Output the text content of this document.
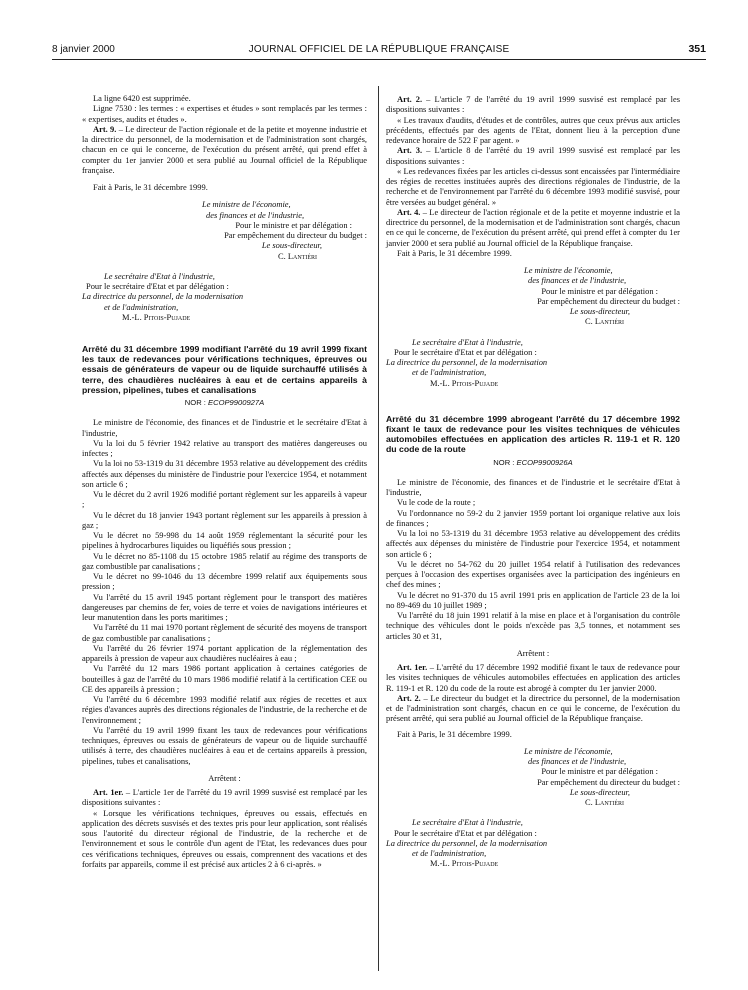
8 janvier 2000	JOURNAL OFFICIEL DE LA RÉPUBLIQUE FRANÇAISE	351

La ligne 6420 est supprimée.

Ligne 7530 : les termes : « expertises et études » sont remplacés par les termes : « expertises, audits et études ».

Art. 9. – Le directeur de l'action régionale et de la petite et moyenne industrie et la directrice du personnel, de la modernisation et de l'administration sont chargés, chacun en ce qui le concerne, de l'exécution du présent arrêté, qui prend effet à compter du 1er janvier 2000 et sera publié au Journal officiel de la République française.

Fait à Paris, le 31 décembre 1999.

Le ministre de l'économie,
des finances et de l'industrie,
Pour le ministre et par délégation :
Par empêchement du directeur du budget :
Le sous-directeur,
C. Lantiéri
Le secrétaire d'Etat à l'industrie,
Pour le secrétaire d'Etat et par délégation :
La directrice du personnel, de la modernisation
et de l'administration,
M.-L. Pitois-Pujade
Arrêté du 31 décembre 1999 modifiant l'arrêté du 19 avril 1999 fixant les taux de redevances pour vérifications techniques, épreuves ou essais de générateurs de vapeur ou de liquide surchauffé utilisés à terre, des chaudières nucléaires à eau et de certains appareils à pression, pipelines, tubes et canalisations
NOR : ECOP9900927A

Le ministre de l'économie, des finances et de l'industrie et le secrétaire d'Etat à l'industrie,

Vu la loi du 5 février 1942 relative au transport des matières dangereuses ou infectes ;

Vu la loi no 53-1319 du 31 décembre 1953 relative au développement des crédits affectés aux dépenses du ministère de l'industrie pour l'exercice 1954, et notamment son article 6 ;

Vu le décret du 2 avril 1926 modifié portant règlement sur les appareils à vapeur ;

Vu le décret du 18 janvier 1943 portant règlement sur les appareils à pression à gaz ;

Vu le décret no 59-998 du 14 août 1959 réglementant la sécurité pour les pipelines à hydrocarbures liquides ou liquéfiés sous pression ;

Vu le décret no 85-1108 du 15 octobre 1985 relatif au régime des transports de gaz combustible par canalisations ;

Vu le décret no 99-1046 du 13 décembre 1999 relatif aux équipements sous pression ;

Vu l'arrêté du 15 avril 1945 portant règlement pour le transport des matières dangereuses par chemins de fer, voies de terre et voies de navigations intérieures et leur manutention dans les ports maritimes ;

Vu l'arrêté du 11 mai 1970 portant règlement de sécurité des moyens de transport de gaz combustible par canalisations ;

Vu l'arrêté du 26 février 1974 portant application de la réglementation des appareils à pression de vapeur aux chaudières nucléaires à eau ;

Vu l'arrêté du 12 mars 1986 portant application à certaines catégories de bouteilles à gaz de l'arrêté du 10 mars 1986 modifié relatif à la certification CEE ou CE des appareils à pression ;

Vu l'arrêté du 6 décembre 1993 modifié relatif aux régies de recettes et aux régies d'avances auprès des directions régionales de l'industrie, de la recherche et de l'environnement ;

Vu l'arrêté du 19 avril 1999 fixant les taux de redevances pour vérifications techniques, épreuves ou essais de générateurs de vapeur ou de liquide surchauffé utilisés à terre, des chaudières nucléaires à eau et de certains appareils à pression, pipelines, tubes et canalisations,

Arrêtent :

Art. 1er. – L'article 1er de l'arrêté du 19 avril 1999 susvisé est remplacé par les dispositions suivantes :

« Lorsque les vérifications techniques, épreuves ou essais, effectués en application des décrets susvisés et des textes pris pour leur application, sont réalisés sous l'autorité du directeur régional de l'industrie, de la recherche et de l'environnement et sous le contrôle d'un agent de l'Etat, les redevances dues pour ces vérifications techniques, épreuves ou essais, comprennent des vacations et des forfaits par appareils, comme il est précisé aux articles 2 à 6 ci-après. »

Art. 2. – L'article 7 de l'arrêté du 19 avril 1999 susvisé est remplacé par les dispositions suivantes :

« Les travaux d'audits, d'études et de contrôles, autres que ceux prévus aux articles précédents, effectués par des agents de l'Etat, donnent lieu à la perception d'une redevance horaire de 522 F par agent. »

Art. 3. – L'article 8 de l'arrêté du 19 avril 1999 susvisé est remplacé par les dispositions suivantes :

« Les redevances fixées par les articles ci-dessus sont encaissées par l'intermédiaire des régies de recettes instituées auprès des directions régionales de l'industrie, de la recherche et de l'environnement par l'arrêté du 6 décembre 1993 modifié susvisé, pour être versées au budget général. »

Art. 4. – Le directeur de l'action régionale et de la petite et moyenne industrie et la directrice du personnel, de la modernisation et de l'administration sont chargés, chacun en ce qui le concerne, de l'exécution du présent arrêté, qui prend effet à compter du 1er janvier 2000 et sera publié au Journal officiel de la République française.

Fait à Paris, le 31 décembre 1999.

Le ministre de l'économie,
des finances et de l'industrie,
Pour le ministre et par délégation :
Par empêchement du directeur du budget :
Le sous-directeur,
C. Lantiéri
Le secrétaire d'Etat à l'industrie,
Pour le secrétaire d'Etat et par délégation :
La directrice du personnel, de la modernisation
et de l'administration,
M.-L. Pitois-Pujade
Arrêté du 31 décembre 1999 abrogeant l'arrêté du 17 décembre 1992 fixant le taux de redevance pour les visites techniques de véhicules automobiles effectuées en application des articles R. 119-1 et R. 120 du code de la route
NOR : ECOP9900926A

Le ministre de l'économie, des finances et de l'industrie et le secrétaire d'Etat à l'industrie,

Vu le code de la route ;

Vu l'ordonnance no 59-2 du 2 janvier 1959 portant loi organique relative aux lois de finances ;

Vu la loi no 53-1319 du 31 décembre 1953 relative au développement des crédits affectés aux dépenses du ministère de l'industrie pour l'exercice 1954, et notamment son article 6 ;

Vu le décret no 54-762 du 20 juillet 1954 relatif à l'utilisation des redevances perçues à l'occasion des expertises organisées avec la participation des ingénieurs en chef des mines ;

Vu le décret no 91-370 du 15 avril 1991 pris en application de l'article 23 de la loi no 89-469 du 10 juillet 1989 ;

Vu l'arrêté du 18 juin 1991 relatif à la mise en place et à l'organisation du contrôle technique des véhicules dont le poids n'excède pas 3,5 tonnes, et notamment ses articles 30 et 31,

Arrêtent :

Art. 1er. – L'arrêté du 17 décembre 1992 modifié fixant le taux de redevance pour les visites techniques de véhicules automobiles effectuées en application des articles R. 119-1 et R. 120 du code de la route est abrogé à compter du 1er janvier 2000.

Art. 2. – Le directeur du budget et la directrice du personnel, de la modernisation et de l'administration sont chargés, chacun en ce qui le concerne, de l'exécution du présent arrêté, qui sera publié au Journal officiel de la République française.

Fait à Paris, le 31 décembre 1999.

Le ministre de l'économie,
des finances et de l'industrie,
Pour le ministre et par délégation :
Par empêchement du directeur du budget :
Le sous-directeur,
C. Lantiéri
Le secrétaire d'Etat à l'industrie,
Pour le secrétaire d'Etat et par délégation :
La directrice du personnel, de la modernisation
et de l'administration,
M.-L. Pitois-Pujade
